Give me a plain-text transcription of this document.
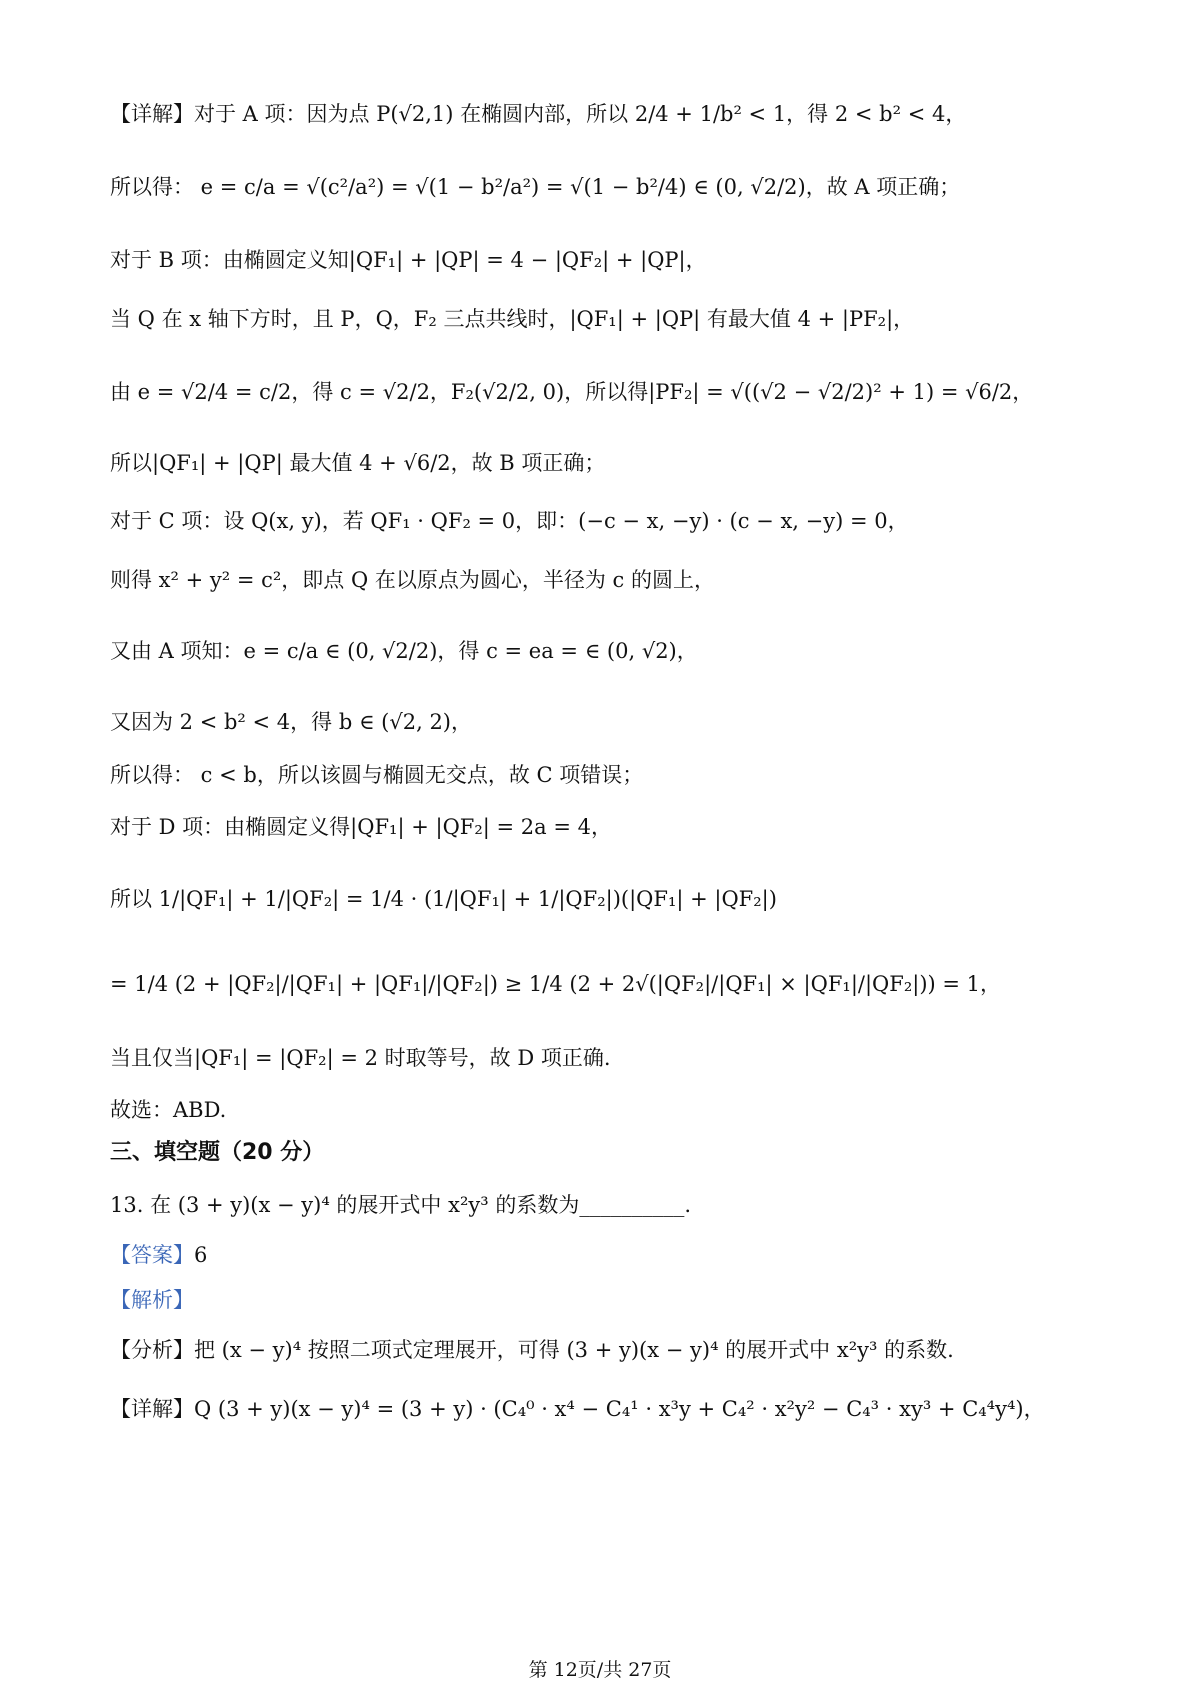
【详解】对于 A 项：因为点 P(√2,1) 在椭圆内部，所以 2/4 + 1/b² < 1，得 2 < b² < 4，
所以得： e = c/a = √(c²/a²) = √(1 − b²/a²) = √(1 − b²/4) ∈ (0, √2/2)，故 A 项正确；
对于 B 项：由椭圆定义知|QF₁| + |QP| = 4 − |QF₂| + |QP|，
当 Q 在 x 轴下方时，且 P，Q，F₂ 三点共线时，|QF₁| + |QP| 有最大值 4 + |PF₂|，
由 e = √2/4 = c/2，得 c = √2/2，F₂(√2/2, 0)，所以得|PF₂| = √((√2 − √2/2)² + 1) = √6/2，
所以|QF₁| + |QP| 最大值 4 + √6/2，故 B 项正确；
对于 C 项：设 Q(x, y)，若 QF₁ · QF₂ = 0，即：(−c − x, −y) · (c − x, −y) = 0，
则得 x² + y² = c²，即点 Q 在以原点为圆心，半径为 c 的圆上，
又由 A 项知：e = c/a ∈ (0, √2/2)，得 c = ea = ∈ (0, √2)，
又因为 2 < b² < 4，得 b ∈ (√2, 2)，
所以得： c < b，所以该圆与椭圆无交点，故 C 项错误；
对于 D 项：由椭圆定义得|QF₁| + |QF₂| = 2a = 4，
所以 1/|QF₁| + 1/|QF₂| = 1/4 · (1/|QF₁| + 1/|QF₂|)(|QF₁| + |QF₂|)
= 1/4 (2 + |QF₂|/|QF₁| + |QF₁|/|QF₂|) ≥ 1/4 (2 + 2√(|QF₂|/|QF₁| × |QF₁|/|QF₂|)) = 1，
当且仅当|QF₁| = |QF₂| = 2 时取等号，故 D 项正确.
故选：ABD.
三、填空题（20 分）
13. 在 (3 + y)(x − y)⁴ 的展开式中 x²y³ 的系数为__________.
【答案】6
【解析】
【分析】把 (x − y)⁴ 按照二项式定理展开，可得 (3 + y)(x − y)⁴ 的展开式中 x²y³ 的系数.
【详解】Q (3 + y)(x − y)⁴ = (3 + y) · (C₄⁰ · x⁴ − C₄¹ · x³y + C₄² · x²y² − C₄³ · xy³ + C₄⁴y⁴)，
第 12页/共 27页
